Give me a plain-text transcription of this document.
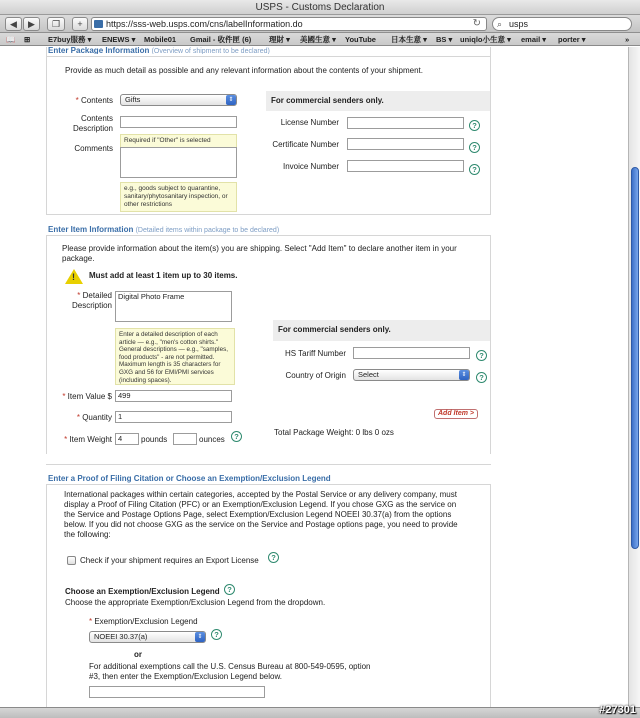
USPS - Customs Declaration
◀	▶	❐	+	https://sss-web.usps.com/cns/labelInformation.do	↻ ⌕ usps
📖 ⊞ E7buy服務 ▾ ENEWS ▾ Mobile01 Gmail - 收件匣 (6) 理財 ▾ 美國生意 ▾ YouTube 日本生意 ▾ BS ▾ uniqlo小生意 ▾ email ▾ porter ▾	»
Enter Package Information (Overview of shipment to be declared)
Provide as much detail as possible and any relevant information about the contents of your shipment.
* Contents	Gifts	⇕
Contents Description
Required if "Other" is selected
Comments
e.g., goods subject to quarantine, sanitary/phytosanitary inspection, or other restrictions
For commercial senders only.
License Number	?
Certificate Number	?
Invoice Number	?
Enter Item Information (Detailed items within package to be declared)
Please provide information about the item(s) you are shipping. Select "Add Item" to declare another item in your package.
! Must add at least 1 item up to 30 items.
* Detailed
Description
Digital Photo Frame
Enter a detailed description of each article — e.g., "men's cotton shirts." General descriptions — e.g., "samples, food products" - are not permitted. Maximum length is 35 characters for GXG and 56 for EMI/PMI services (including spaces).
For commercial senders only.
HS Tariff Number	?
Country of Origin	Select	⇕	?
* Item Value $ 499
* Quantity 1	Add Item >
* Item Weight 4	pounds	ounces	?	Total Package Weight: 0 lbs 0 ozs
Enter a Proof of Filing Citation or Choose an Exemption/Exclusion Legend
International packages within certain categories, accepted by the Postal Service or any delivery company, must display a Proof of Filing Citation (PFC) or an Exemption/Exclusion Legend. If you chose GXG as the service on the Service and Postage Options Page, select Exemption/Exclusion Legend NOEEI 30.37(a) from the options below. If you did not choose GXG as the service on the Service and Postage options page, you need to provide the following:
Check if your shipment requires an Export License	?
Choose an Exemption/Exclusion Legend	?
Choose the appropriate Exemption/Exclusion Legend from the dropdown.
* Exemption/Exclusion Legend
NOEEI 30.37(a)	⇕	?
or
For additional exemptions call the U.S. Census Bureau at 800-549-0595, option #3, then enter the Exemption/Exclusion Legend below.
#27301
